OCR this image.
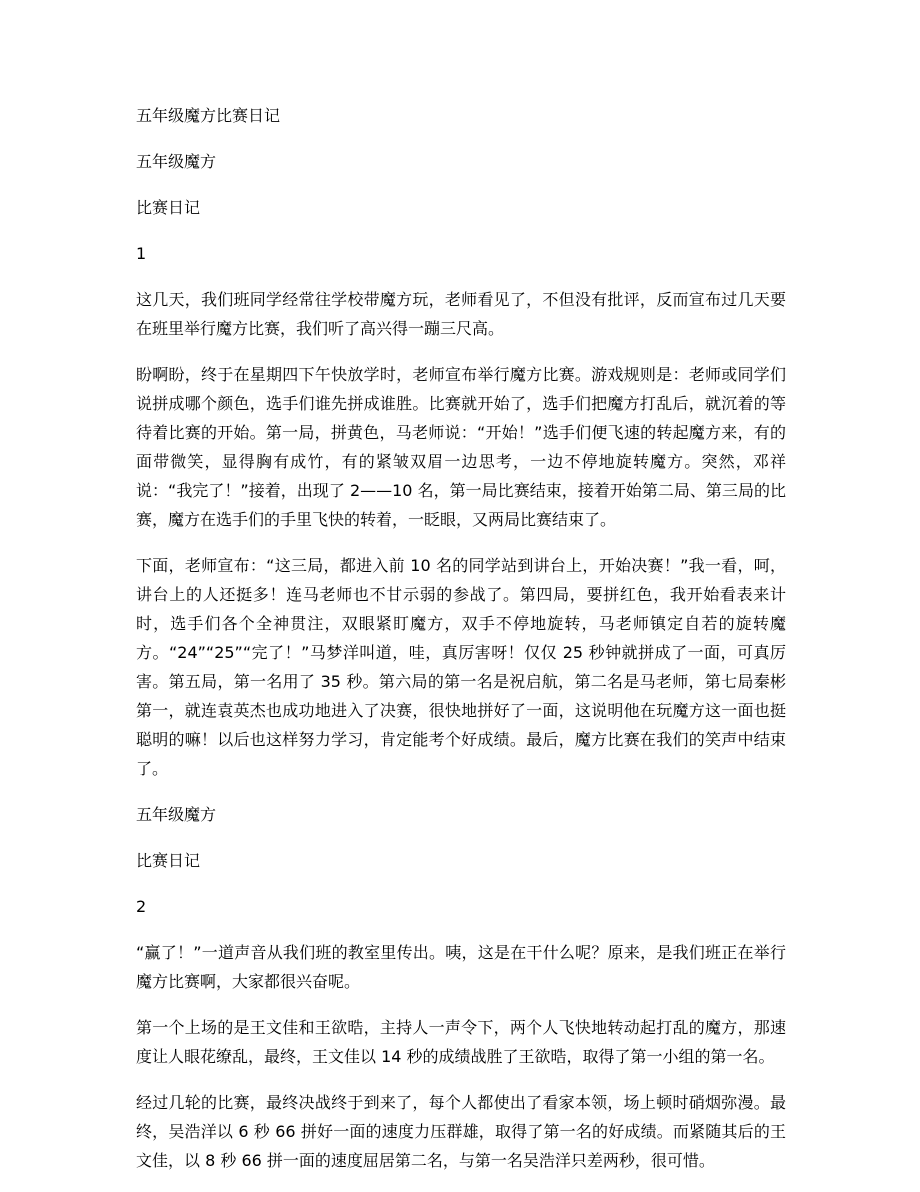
五年级魔方比赛日记
五年级魔方
比赛日记
1

这几天，我们班同学经常往学校带魔方玩，老师看见了，不但没有批评，反而宣布过几天要在班里举行魔方比赛，我们听了高兴得一蹦三尺高。

盼啊盼，终于在星期四下午快放学时，老师宣布举行魔方比赛。游戏规则是：老师或同学们说拼成哪个颜色，选手们谁先拼成谁胜。比赛就开始了，选手们把魔方打乱后，就沉着的等待着比赛的开始。第一局，拼黄色，马老师说：“开始！”选手们便飞速的转起魔方来，有的面带微笑，显得胸有成竹，有的紧皱双眉一边思考，一边不停地旋转魔方。突然，邓祥说：“我完了！”接着，出现了 2——10 名，第一局比赛结束，接着开始第二局、第三局的比赛，魔方在选手们的手里飞快的转着，一眨眼，又两局比赛结束了。

下面，老师宣布：“这三局，都进入前 10 名的同学站到讲台上，开始决赛！”我一看，呵，讲台上的人还挺多！连马老师也不甘示弱的参战了。第四局，要拼红色，我开始看表来计时，选手们各个全神贯注，双眼紧盯魔方，双手不停地旋转，马老师镇定自若的旋转魔方。“24”“25”“完了！”马梦洋叫道，哇，真厉害呀！仅仅 25 秒钟就拼成了一面，可真厉害。第五局，第一名用了 35 秒。第六局的第一名是祝启航，第二名是马老师，第七局秦彬第一，就连袁英杰也成功地进入了决赛，很快地拼好了一面，这说明他在玩魔方这一面也挺聪明的嘛！以后也这样努力学习，肯定能考个好成绩。最后，魔方比赛在我们的笑声中结束了。

五年级魔方
比赛日记
2

“赢了！”一道声音从我们班的教室里传出。咦，这是在干什么呢？原来，是我们班正在举行魔方比赛啊，大家都很兴奋呢。

第一个上场的是王文佳和王欲晧，主持人一声令下，两个人飞快地转动起打乱的魔方，那速度让人眼花缭乱，最终，王文佳以 14 秒的成绩战胜了王欲晧，取得了第一小组的第一名。

经过几轮的比赛，最终决战终于到来了，每个人都使出了看家本领，场上顿时硝烟弥漫。最终，吴浩洋以 6 秒 66 拼好一面的速度力压群雄，取得了第一名的好成绩。而紧随其后的王文佳，以 8 秒 66 拼一面的速度屈居第二名，与第一名吴浩洋只差两秒，很可惜。
